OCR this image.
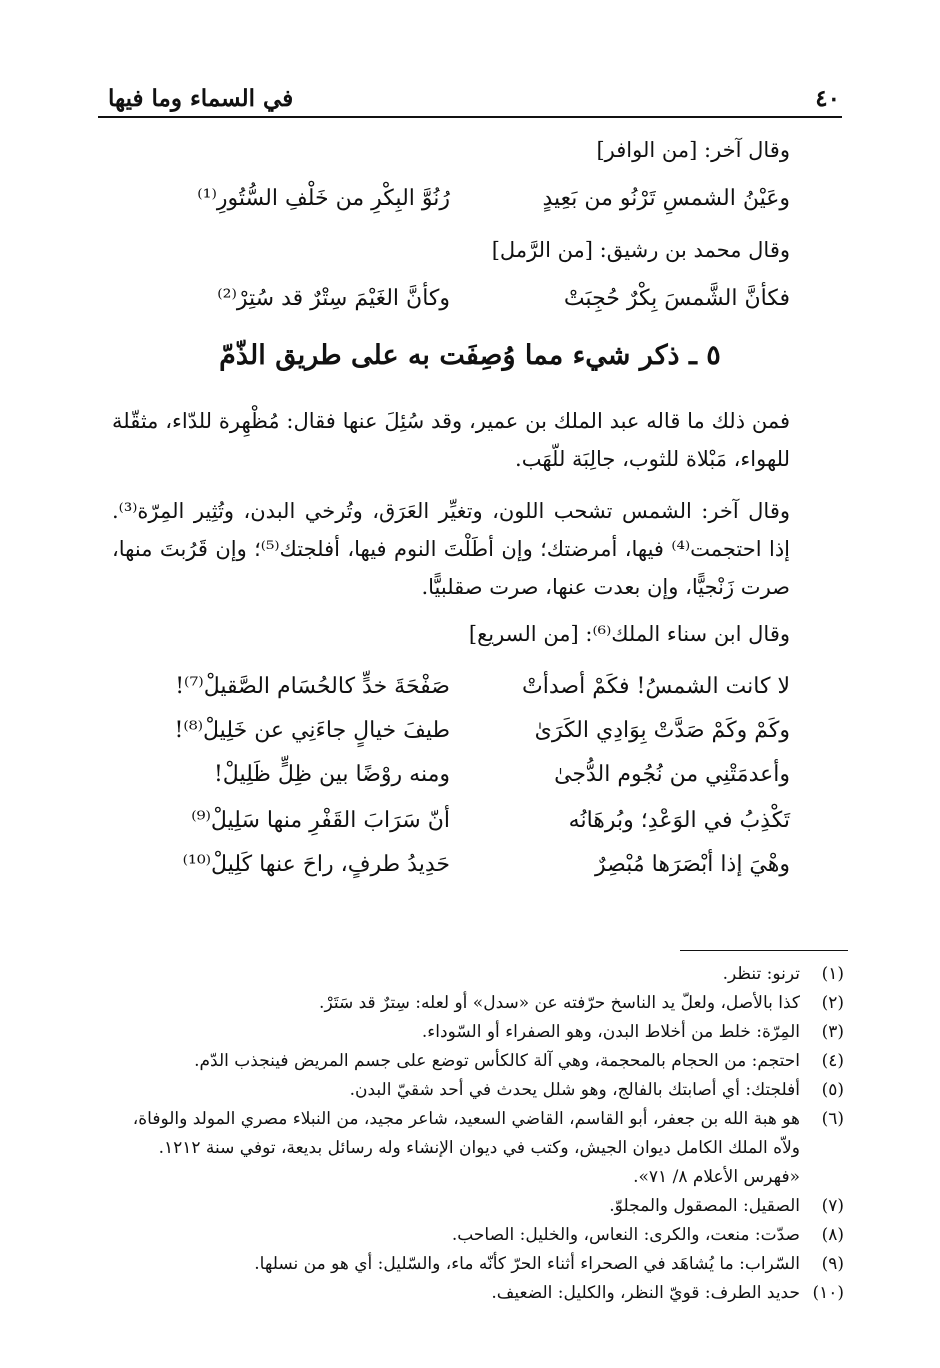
٤٠
في السماء وما فيها
وقال آخر: [من الوافر]
وعَيْنُ الشمسِ تَرْنُو من بَعِيدٍ
رُنُوَّ البِكْرِ من خَلْفِ السُّتُورِ⁽¹⁾
وقال محمد بن رشيق: [من الرَّمل]
فكأنَّ الشَّمسَ بِكْرٌ حُجِبَتْ
وكأنَّ الغَيْمَ سِتْرٌ قد سُتِرْ⁽²⁾
٥ ـ ذكر شيء مما وُصِفَت به على طريق الذّمّ
فمن ذلك ما قاله عبد الملك بن عمير، وقد سُئِلَ عنها فقال: مُظْهِرة للدّاء، مثقّلة للهواء، مَبْلاة للثوب، جالِبَة للّهَب.
وقال آخر: الشمس تشحب اللون، وتغيِّر العَرَق، وتُرخي البدن، وتُثِير المِرّة⁽³⁾. إذا احتجمت⁽⁴⁾ فيها، أمرضتك؛ وإن أطَلْتَ النوم فيها، أفلجتك⁽⁵⁾؛ وإن قَرُبتَ منها، صرت زَنْجيًّا، وإن بعدت عنها، صرت صقلبيًّا.
وقال ابن سناء الملك⁽⁶⁾: [من السريع]
لا كانت الشمسُ! فكَمْ أصدأتْ
صَفْحَةَ خدٍّ كالحُسَام الصَّقيلْ⁽⁷⁾!
وكَمْ وكَمْ صَدَّتْ بِوَادِي الكَرَىٰ
طيفَ خيالٍ جاءَنِي عن خَلِيلْ⁽⁸⁾!
وأعدمَتْنِي من نُجُوم الدُّجىٰ
ومنه روْضًا بين ظِلٍّ ظَلِيلْ!
تَكْذِبُ في الوَعْدِ؛ وبُرهَانُه
أنّ سَرَابَ القَفْرِ منها سَلِيلْ⁽⁹⁾
وهْيَ إذا أبْصَرَها مُبْصِرٌ
حَدِيدُ طرفٍ، راحَ عنها كَلِيلْ⁽¹⁰⁾
(١)
ترنو: تنظر.
(٢)
كذا بالأصل، ولعلّ يد الناسخ حرّفته عن «سدل» أو لعله: سِترٌ قد سَتَرْ.
(٣)
المِرّة: خلط من أخلاط البدن، وهو الصفراء أو السّوداء.
(٤)
احتجم: من الحجام بالمحجمة، وهي آلة كالكأس توضع على جسم المريض فينجذب الدّم.
(٥)
أفلجتك: أي أصابتك بالفالج، وهو شلل يحدث في أحد شقيّ البدن.
(٦)
هو هبة الله بن جعفر، أبو القاسم، القاضي السعيد، شاعر مجيد، من النبلاء مصري المولد والوفاة، ولاّه الملك الكامل ديوان الجيش، وكتب في ديوان الإنشاء وله رسائل بديعة، توفي سنة ١٢١٢. «فهرس الأعلام ٨/ ٧١».
(٧)
الصقيل: المصقول والمجلوّ.
(٨)
صدّت: منعت، والكرى: النعاس، والخليل: الصاحب.
(٩)
السّراب: ما يُشاهَد في الصحراء أثناء الحرّ كأنّه ماء، والسّليل: أي هو من نسلها.
(١٠)
حديد الطرف: قويّ النظر، والكليل: الضعيف.
